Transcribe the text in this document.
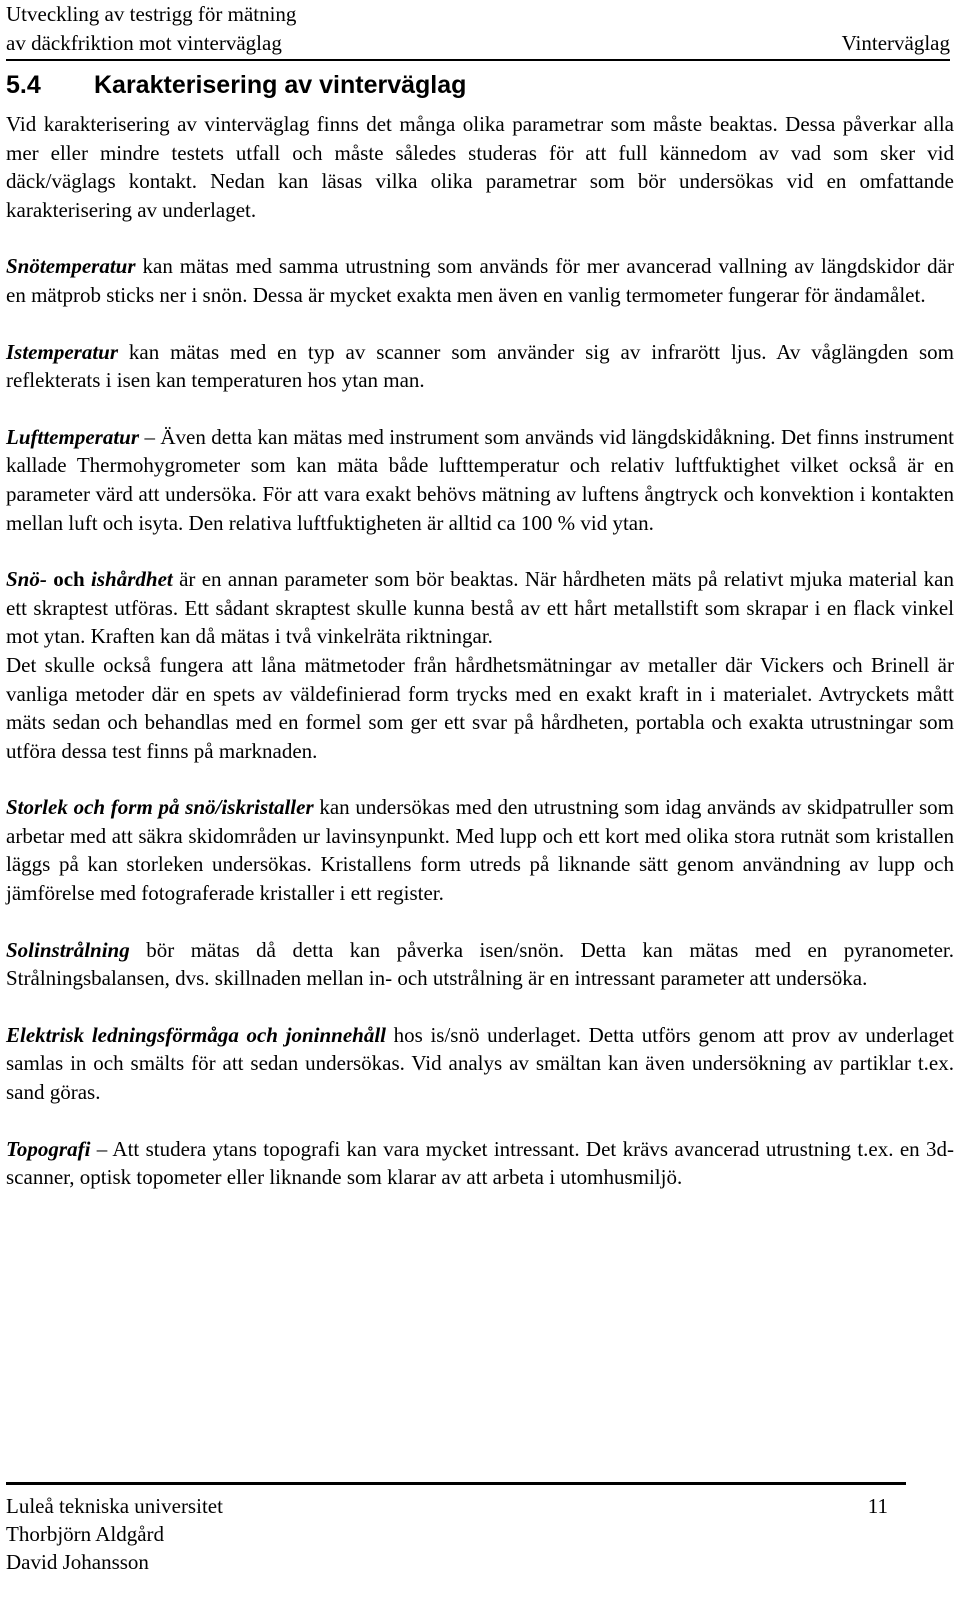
Utveckling av testrigg för mätning
av däckfriktion mot vinterväglag	Vinterväglag
5.4 Karakterisering av vinterväglag

Vid karakterisering av vinterväglag finns det många olika parametrar som måste beaktas. Dessa påverkar alla mer eller mindre testets utfall och måste således studeras för att full kännedom av vad som sker vid däck/väglags kontakt. Nedan kan läsas vilka olika parametrar som bör undersökas vid en omfattande karakterisering av underlaget.

Snötemperatur kan mätas med samma utrustning som används för mer avancerad vallning av längdskidor där en mätprob sticks ner i snön. Dessa är mycket exakta men även en vanlig termometer fungerar för ändamålet.

Istemperatur kan mätas med en typ av scanner som använder sig av infrarött ljus. Av våglängden som reflekterats i isen kan temperaturen hos ytan man.

Lufttemperatur – Även detta kan mätas med instrument som används vid längdskidåkning. Det finns instrument kallade Thermohygrometer som kan mäta både lufttemperatur och relativ luftfuktighet vilket också är en parameter värd att undersöka. För att vara exakt behövs mätning av luftens ångtryck och konvektion i kontakten mellan luft och isyta. Den relativa luftfuktigheten är alltid ca 100 % vid ytan.

Snö- och ishårdhet är en annan parameter som bör beaktas. När hårdheten mäts på relativt mjuka material kan ett skraptest utföras. Ett sådant skraptest skulle kunna bestå av ett hårt metallstift som skrapar i en flack vinkel mot ytan. Kraften kan då mätas i två vinkelräta riktningar.

Det skulle också fungera att låna mätmetoder från hårdhetsmätningar av metaller där Vickers och Brinell är vanliga metoder där en spets av väldefinierad form trycks med en exakt kraft in i materialet. Avtryckets mått mäts sedan och behandlas med en formel som ger ett svar på hårdheten, portabla och exakta utrustningar som utföra dessa test finns på marknaden.

Storlek och form på snö/iskristaller kan undersökas med den utrustning som idag används av skidpatruller som arbetar med att säkra skidområden ur lavinsynpunkt. Med lupp och ett kort med olika stora rutnät som kristallen läggs på kan storleken undersökas. Kristallens form utreds på liknande sätt genom användning av lupp och jämförelse med fotograferade kristaller i ett register.

Solinstrålning bör mätas då detta kan påverka isen/snön. Detta kan mätas med en pyranometer. Strålningsbalansen, dvs. skillnaden mellan in- och utstrålning är en intressant parameter att undersöka.

Elektrisk ledningsförmåga och joninnehåll hos is/snö underlaget. Detta utförs genom att prov av underlaget samlas in och smälts för att sedan undersökas. Vid analys av smältan kan även undersökning av partiklar t.ex. sand göras.

Topografi – Att studera ytans topografi kan vara mycket intressant. Det krävs avancerad utrustning t.ex. en 3d-scanner, optisk topometer eller liknande som klarar av att arbeta i utomhusmiljö.

Luleå tekniska universitet
Thorbjörn Aldgård
David Johansson
11
